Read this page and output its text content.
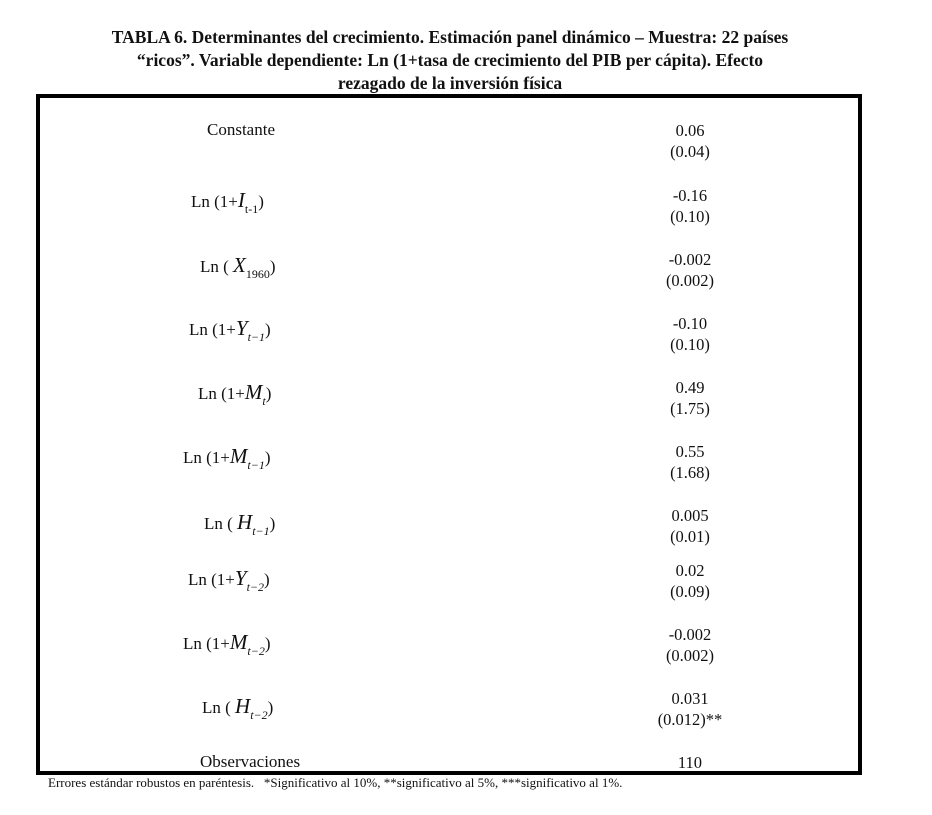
TABLA 6. Determinantes del crecimiento. Estimación panel dinámico – Muestra: 22 países
“ricos”. Variable dependiente: Ln (1+tasa de crecimiento del PIB per cápita). Efecto
rezagado de la inversión física
Constante	0.06
(0.04)
Ln $(1+I_{t-1})$	-0.16
(0.10)
Ln ( $X_{1960}$)	-0.002
(0.002)
Ln $(1+Y_{t-1})$	-0.10
(0.10)
Ln $(1+M_t)$	0.49
(1.75)
Ln $(1+M_{t-1})$	0.55
(1.68)
Ln ( $H_{t-1}$)	0.005
(0.01)
Ln $(1+Y_{t-2})$	0.02
(0.09)
Ln $(1+M_{t-2})$	-0.002
(0.002)
Ln ( $H_{t-2}$)	0.031
(0.012)**
Observaciones	110
Errores estándar robustos en paréntesis.   *Significativo al 10%, **significativo al 5%, ***significativo al 1%.
